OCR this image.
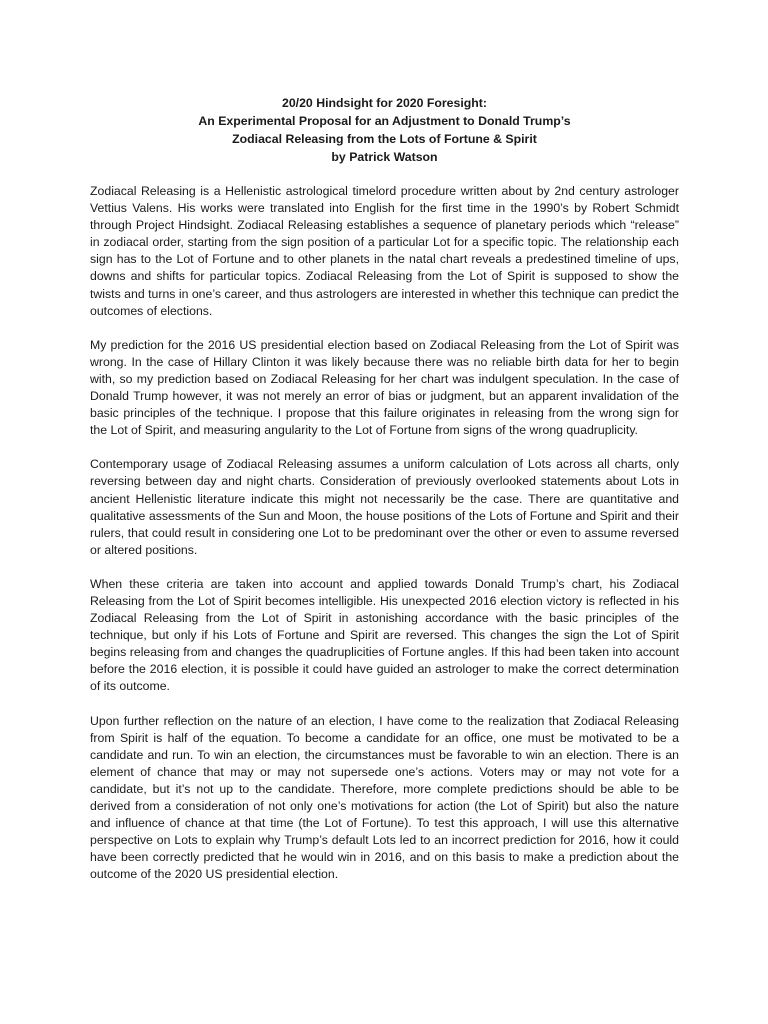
20/20 Hindsight for 2020 Foresight:
An Experimental Proposal for an Adjustment to Donald Trump’s
Zodiacal Releasing from the Lots of Fortune & Spirit
by Patrick Watson

Zodiacal Releasing is a Hellenistic astrological timelord procedure written about by 2nd century astrologer Vettius Valens. His works were translated into English for the first time in the 1990’s by Robert Schmidt through Project Hindsight. Zodiacal Releasing establishes a sequence of planetary periods which “release” in zodiacal order, starting from the sign position of a particular Lot for a specific topic. The relationship each sign has to the Lot of Fortune and to other planets in the natal chart reveals a predestined timeline of ups, downs and shifts for particular topics. Zodiacal Releasing from the Lot of Spirit is supposed to show the twists and turns in one’s career, and thus astrologers are interested in whether this technique can predict the outcomes of elections.

My prediction for the 2016 US presidential election based on Zodiacal Releasing from the Lot of Spirit was wrong. In the case of Hillary Clinton it was likely because there was no reliable birth data for her to begin with, so my prediction based on Zodiacal Releasing for her chart was indulgent speculation. In the case of Donald Trump however, it was not merely an error of bias or judgment, but an apparent invalidation of the basic principles of the technique. I propose that this failure originates in releasing from the wrong sign for the Lot of Spirit, and measuring angularity to the Lot of Fortune from signs of the wrong quadruplicity.

Contemporary usage of Zodiacal Releasing assumes a uniform calculation of Lots across all charts, only reversing between day and night charts. Consideration of previously overlooked statements about Lots in ancient Hellenistic literature indicate this might not necessarily be the case. There are quantitative and qualitative assessments of the Sun and Moon, the house positions of the Lots of Fortune and Spirit and their rulers, that could result in considering one Lot to be predominant over the other or even to assume reversed or altered positions.

When these criteria are taken into account and applied towards Donald Trump’s chart, his Zodiacal Releasing from the Lot of Spirit becomes intelligible. His unexpected 2016 election victory is reflected in his Zodiacal Releasing from the Lot of Spirit in astonishing accordance with the basic principles of the technique, but only if his Lots of Fortune and Spirit are reversed. This changes the sign the Lot of Spirit begins releasing from and changes the quadruplicities of Fortune angles. If this had been taken into account before the 2016 election, it is possible it could have guided an astrologer to make the correct determination of its outcome.

Upon further reflection on the nature of an election, I have come to the realization that Zodiacal Releasing from Spirit is half of the equation. To become a candidate for an office, one must be motivated to be a candidate and run. To win an election, the circumstances must be favorable to win an election. There is an element of chance that may or may not supersede one’s actions. Voters may or may not vote for a candidate, but it’s not up to the candidate. Therefore, more complete predictions should be able to be derived from a consideration of not only one’s motivations for action (the Lot of Spirit) but also the nature and influence of chance at that time (the Lot of Fortune). To test this approach, I will use this alternative perspective on Lots to explain why Trump’s default Lots led to an incorrect prediction for 2016, how it could have been correctly predicted that he would win in 2016, and on this basis to make a prediction about the outcome of the 2020 US presidential election.
